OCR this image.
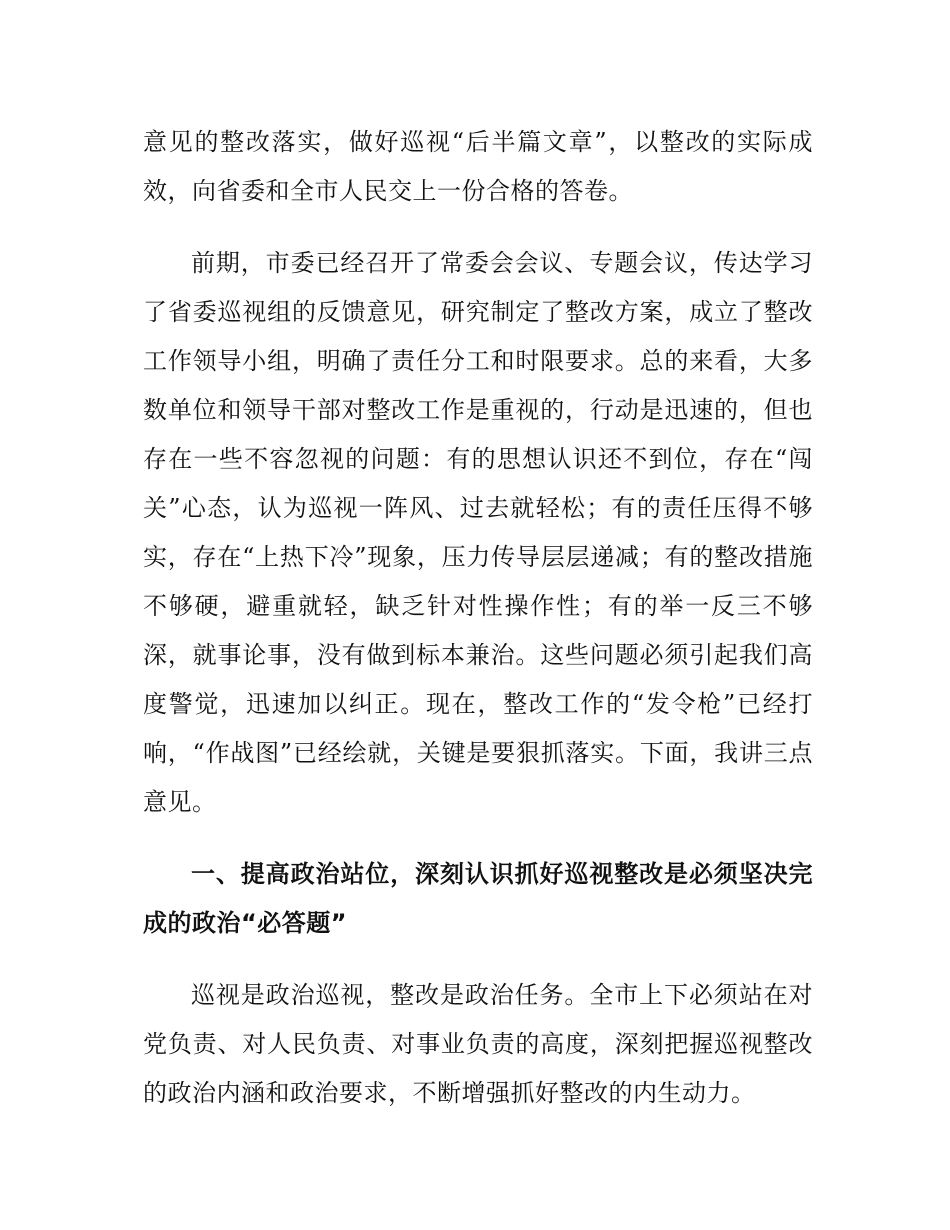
意见的整改落实，做好巡视“后半篇文章”，以整改的实际成效，向省委和全市人民交上一份合格的答卷。

前期，市委已经召开了常委会会议、专题会议，传达学习了省委巡视组的反馈意见，研究制定了整改方案，成立了整改工作领导小组，明确了责任分工和时限要求。总的来看，大多数单位和领导干部对整改工作是重视的，行动是迅速的，但也存在一些不容忽视的问题：有的思想认识还不到位，存在“闯关”心态，认为巡视一阵风、过去就轻松；有的责任压得不够实，存在“上热下冷”现象，压力传导层层递减；有的整改措施不够硬，避重就轻，缺乏针对性操作性；有的举一反三不够深，就事论事，没有做到标本兼治。这些问题必须引起我们高度警觉，迅速加以纠正。现在，整改工作的“发令枪”已经打响，“作战图”已经绘就，关键是要狠抓落实。下面，我讲三点意见。

一、提高政治站位，深刻认识抓好巡视整改是必须坚决完成的政治“必答题”

巡视是政治巡视，整改是政治任务。全市上下必须站在对党负责、对人民负责、对事业负责的高度，深刻把握巡视整改的政治内涵和政治要求，不断增强抓好整改的内生动力。
